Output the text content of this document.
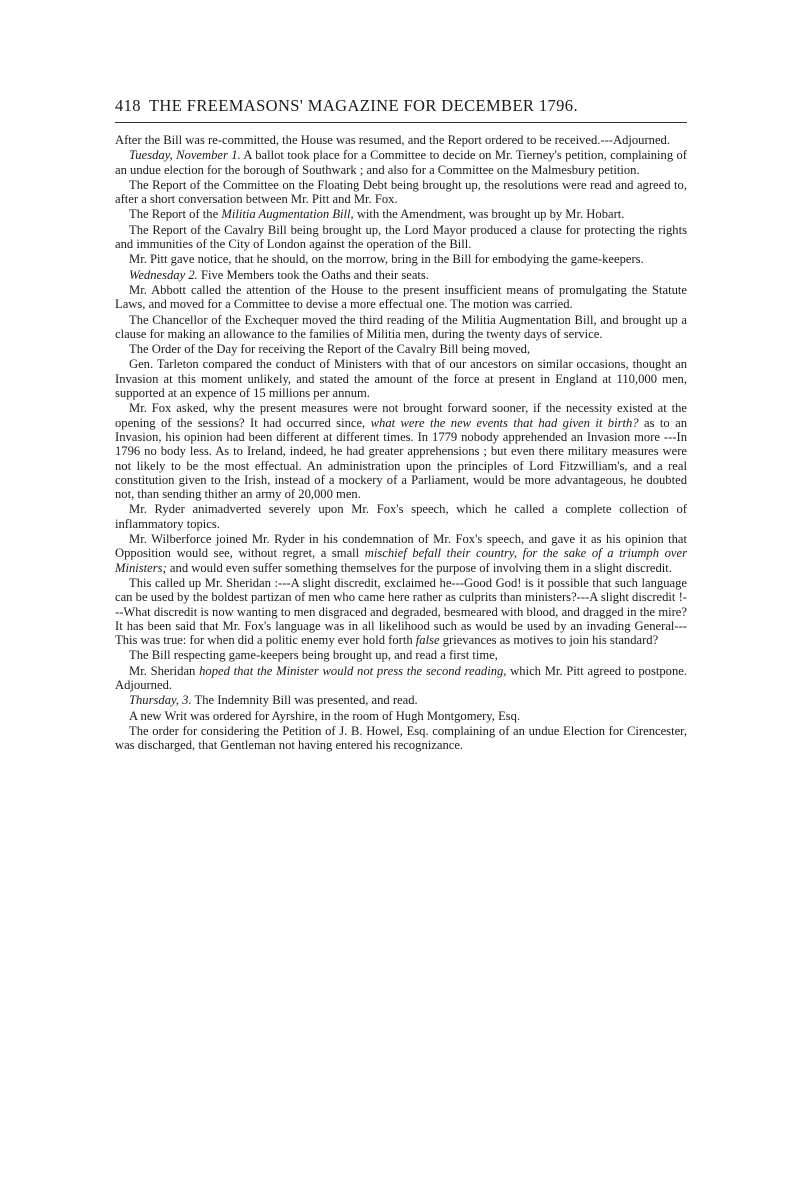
418 THE FREEMASONS' MAGAZINE FOR DECEMBER 1796.

After the Bill was re-committed, the House was resumed, and the Report ordered to be received.---Adjourned.

Tuesday, November 1. A ballot took place for a Committee to decide on Mr. Tierney's petition, complaining of an undue election for the borough of Southwark ; and also for a Committee on the Malmesbury petition.

The Report of the Committee on the Floating Debt being brought up, the resolutions were read and agreed to, after a short conversation between Mr. Pitt and Mr. Fox.

The Report of the Militia Augmentation Bill, with the Amendment, was brought up by Mr. Hobart.

The Report of the Cavalry Bill being brought up, the Lord Mayor produced a clause for protecting the rights and immunities of the City of London against the operation of the Bill.

Mr. Pitt gave notice, that he should, on the morrow, bring in the Bill for embodying the game-keepers.

Wednesday 2. Five Members took the Oaths and their seats.

Mr. Abbott called the attention of the House to the present insufficient means of promulgating the Statute Laws, and moved for a Committee to devise a more effectual one. The motion was carried.

The Chancellor of the Exchequer moved the third reading of the Militia Augmentation Bill, and brought up a clause for making an allowance to the families of Militia men, during the twenty days of service.

The Order of the Day for receiving the Report of the Cavalry Bill being moved,

Gen. Tarleton compared the conduct of Ministers with that of our ancestors on similar occasions, thought an Invasion at this moment unlikely, and stated the amount of the force at present in England at 110,000 men, supported at an expence of 15 millions per annum.

Mr. Fox asked, why the present measures were not brought forward sooner, if the necessity existed at the opening of the sessions? It had occurred since, what were the new events that had given it birth? as to an Invasion, his opinion had been different at different times. In 1779 nobody apprehended an Invasion more ---In 1796 no body less. As to Ireland, indeed, he had greater apprehensions ; but even there military measures were not likely to be the most effectual. An administration upon the principles of Lord Fitzwilliam's, and a real constitution given to the Irish, instead of a mockery of a Parliament, would be more advantageous, he doubted not, than sending thither an army of 20,000 men.

Mr. Ryder animadverted severely upon Mr. Fox's speech, which he called a complete collection of inflammatory topics.

Mr. Wilberforce joined Mr. Ryder in his condemnation of Mr. Fox's speech, and gave it as his opinion that Opposition would see, without regret, a small mischief befall their country, for the sake of a triumph over Ministers; and would even suffer something themselves for the purpose of involving them in a slight discredit.

This called up Mr. Sheridan :---A slight discredit, exclaimed he---Good God! is it possible that such language can be used by the boldest partizan of men who came here rather as culprits than ministers?---A slight discredit !---What discredit is now wanting to men disgraced and degraded, besmeared with blood, and dragged in the mire? It has been said that Mr. Fox's language was in all likelihood such as would be used by an invading General---This was true: for when did a politic enemy ever hold forth false grievances as motives to join his standard?

The Bill respecting game-keepers being brought up, and read a first time,

Mr. Sheridan hoped that the Minister would not press the second reading, which Mr. Pitt agreed to postpone. Adjourned.

Thursday, 3. The Indemnity Bill was presented, and read.

A new Writ was ordered for Ayrshire, in the room of Hugh Montgomery, Esq.

The order for considering the Petition of J. B. Howel, Esq. complaining of an undue Election for Cirencester, was discharged, that Gentleman not having entered his recognizance.
